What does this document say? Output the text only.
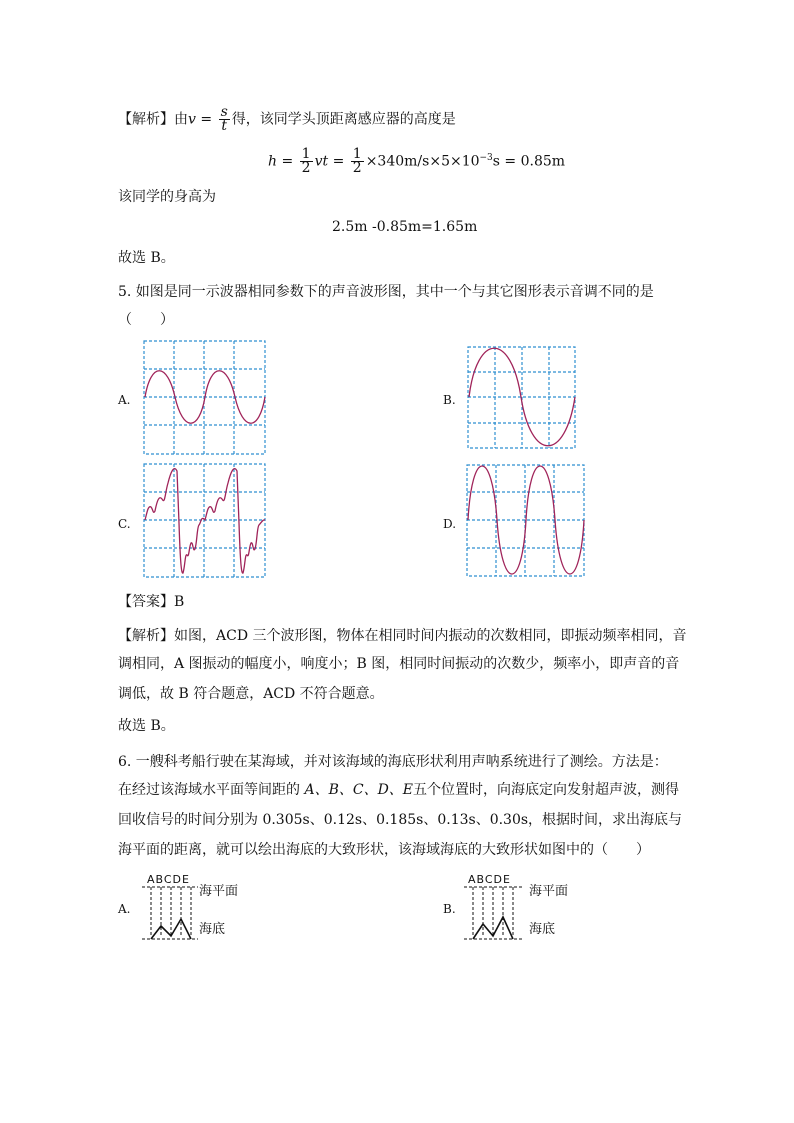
【解析】由$v = \frac{s}{t}$ 得，该同学头顶距离感应器的高度是
$h = \frac{1}{2}$ vt = $\frac{1}{2} \times 340m/s\times 5\times 10^{-3}s = 0.85m$
该同学的身高为
2.5m -0.85m=1.65m
故选 B。
5. 如图是同一示波器相同参数下的声音波形图，其中一个与其它图形表示音调不同的是
（　　）
A.	B.
C.	D.
【答案】B
【解析】如图，ACD 三个波形图，物体在相同时间内振动的次数相同，即振动频率相同，音
调相同，A 图振动的幅度小，响度小；B 图，相同时间振动的次数少，频率小，即声音的音
调低，故 B 符合题意，ACD 不符合题意。
故选 B。
6. 一艘科考船行驶在某海域，并对该海域的海底形状利用声呐系统进行了测绘。方法是：
在经过该海域水平面等间距的 A、B、C、D、E五个位置时，向海底定向发射超声波，测得
回收信号的时间分别为 0.305s、0.12s、0.185s、0.13s、0.30s，根据时间，求出海底与
海平面的距离，就可以绘出海底的大致形状，该海域海底的大致形状如图中的（　　）
A.
ABCDE
海平面
海底
B.
ABCDE
海平面
海底
